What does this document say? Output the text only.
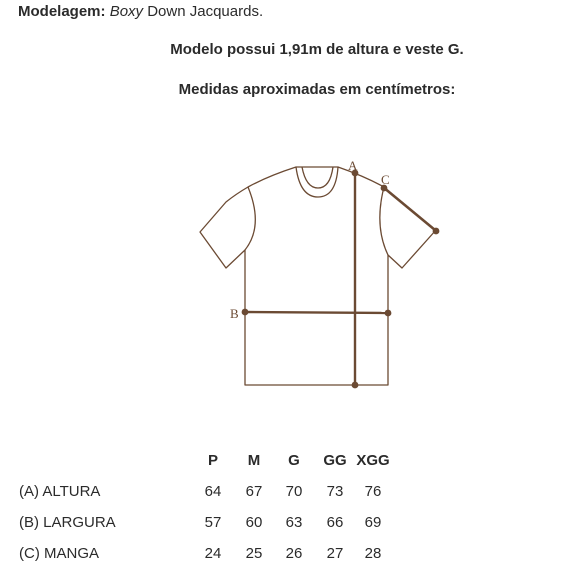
Modelagem: Boxy Down Jacquards.
Modelo possui 1,91m de altura e veste G.
Medidas aproximadas em centímetros:
A
B
C
P M G GG XGG
(A) ALTURA	64 67 70 73 76
(B) LARGURA	57 60 63 66 69
(C) MANGA	24 25 26 27 28
